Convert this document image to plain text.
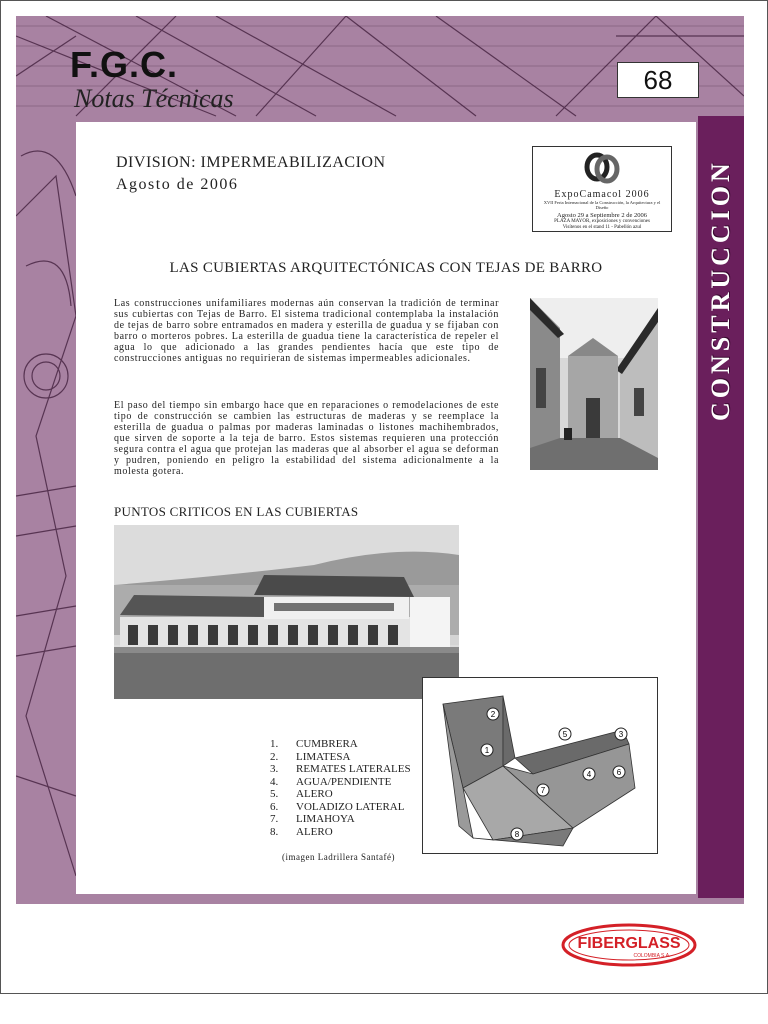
CONSTRUCCION
F.G.C.
Notas Técnicas
68
DIVISION: IMPERMEABILIZACION
Agosto de 2006
ExpoCamacol 2006
XVII Feria Internacional de la Construcción, la Arquitectura y el Diseño
Agosto 29 a Septiembre 2 de 2006
PLAZA MAYOR, exposiciones y convenciones
Visítenos en el stand 11 - Pabellón azul
LAS CUBIERTAS ARQUITECTÓNICAS CON TEJAS DE BARRO

Las construcciones unifamiliares modernas aún conservan la tradición de terminar sus cubiertas con Tejas de Barro. El sistema tradicional contemplaba la instalación de tejas de barro sobre entramados en madera y esterilla de guadua y se fijaban con barro o morteros pobres. La esterilla de guadua tiene la característica de repeler el agua lo que adicionado a las grandes pendientes hacía que este tipo de construcciones antiguas no requirieran de sistemas impermeables adicionales.

El paso del tiempo sin embargo hace que en reparaciones o remodelaciones de este tipo de construcción se cambien las estructuras de maderas y se reemplace la esterilla de guadua o palmas por maderas laminadas o listones machihembrados, que sirven de soporte a la teja de barro. Estos sistemas requieren una protección segura contra el agua que protejan las maderas que al absorber el agua se deforman y pudren, poniendo en peligro la estabilidad del sistema adicionalmente a la molesta gotera.

PUNTOS CRITICOS EN LAS CUBIERTAS
1
2
3
4
5
6
7
8
1. CUMBRERA
2. LIMATESA
3. REMATES LATERALES
4. AGUA/PENDIENTE
5. ALERO
6. VOLADIZO LATERAL
7. LIMAHOYA
8. ALERO
(imagen Ladrillera Santafé)
FIBERGLASS
COLOMBIA S.A.
